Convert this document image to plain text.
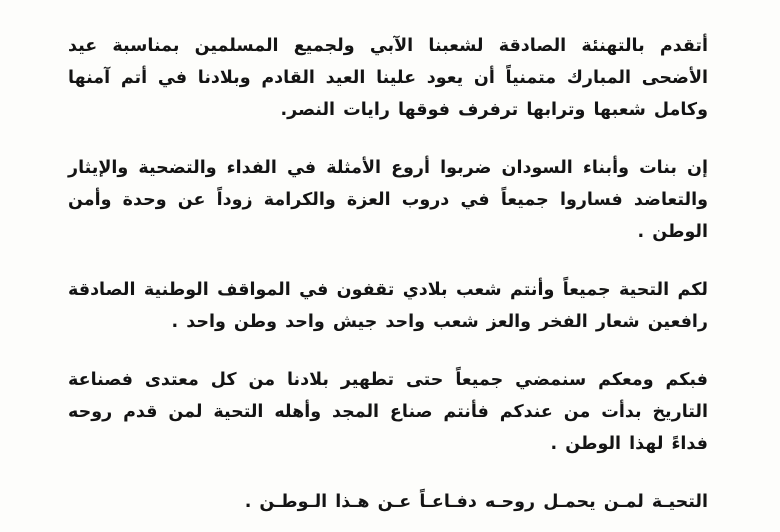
أتقدم بالتهنئة الصادقة لشعبنا الآبي ولجميع المسلمين بمناسبة عيد الأضحى المبارك متمنياً أن يعود علينا العيد القادم وبلادنا في أتم آمنها وكامل شعبها وترابها ترفرف فوقها رايات النصر.

إن بنات وأبناء السودان ضربوا أروع الأمثلة في الفداء والتضحية والإيثار والتعاضد فساروا جميعاً في دروب العزة والكرامة زوداً عن وحدة وأمن الوطن .

لكم التحية جميعاً وأنتم شعب بلادي تقفون في المواقف الوطنية الصادقة رافعين شعار الفخر والعز شعب واحد جيش واحد وطن واحد .

فبكم ومعكم سنمضي جميعاً حتى تطهير بلادنا من كل معتدى فصناعة التاريخ بدأت من عندكم فأنتم صناع المجد وأهله التحية لمن قدم روحه فداءً لهذا الوطن .

التحيـة لمـن يحمـل روحـه دفـاعـاً عـن هـذا الـوطـن .
